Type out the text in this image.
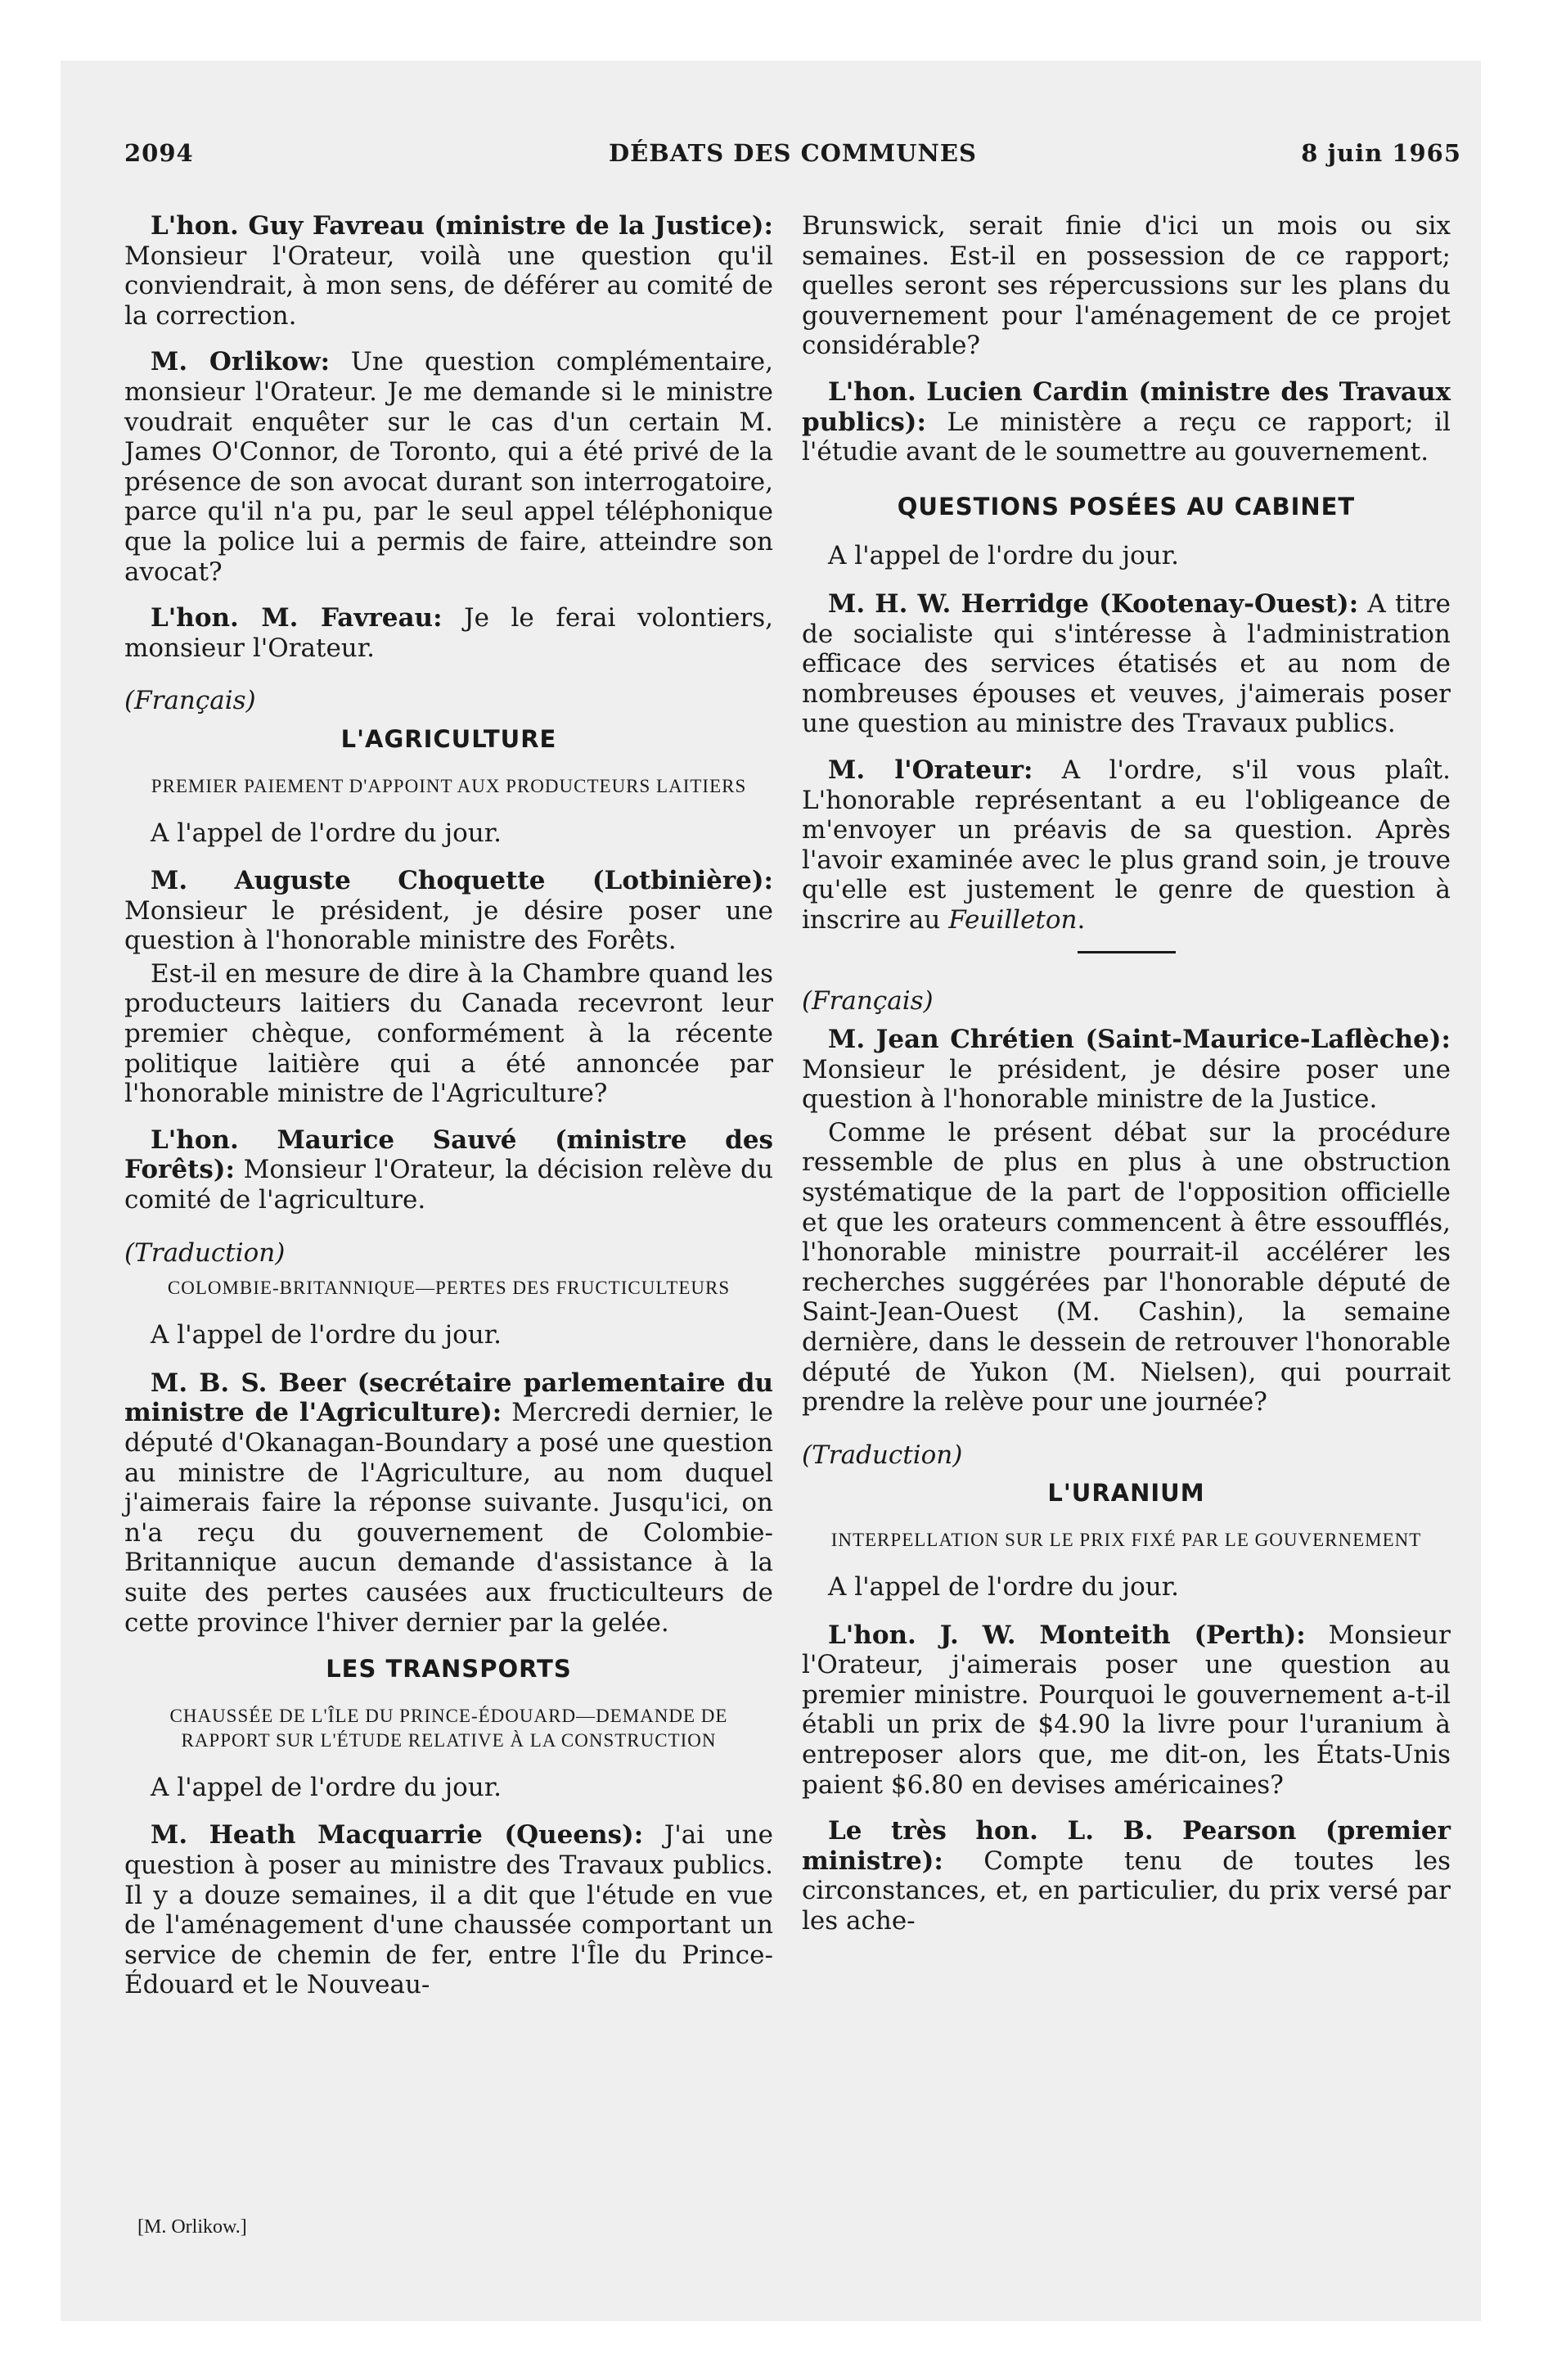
2094	DÉBATS DES COMMUNES	8 juin 1965

L'hon. Guy Favreau (ministre de la Justice): Monsieur l'Orateur, voilà une question qu'il conviendrait, à mon sens, de déférer au comité de la correction.

M. Orlikow: Une question complémentaire, monsieur l'Orateur. Je me demande si le ministre voudrait enquêter sur le cas d'un certain M. James O'Connor, de Toronto, qui a été privé de la présence de son avocat durant son interrogatoire, parce qu'il n'a pu, par le seul appel téléphonique que la police lui a permis de faire, atteindre son avocat?

L'hon. M. Favreau: Je le ferai volontiers, monsieur l'Orateur.

(Français)
L'AGRICULTURE
PREMIER PAIEMENT D'APPOINT AUX PRODUCTEURS LAITIERS
A l'appel de l'ordre du jour.

M. Auguste Choquette (Lotbinière): Monsieur le président, je désire poser une question à l'honorable ministre des Forêts.

Est-il en mesure de dire à la Chambre quand les producteurs laitiers du Canada recevront leur premier chèque, conformément à la récente politique laitière qui a été annoncée par l'honorable ministre de l'Agriculture?

L'hon. Maurice Sauvé (ministre des Forêts): Monsieur l'Orateur, la décision relève du comité de l'agriculture.

(Traduction)
COLOMBIE-BRITANNIQUE—PERTES DES FRUCTICULTEURS
A l'appel de l'ordre du jour.

M. B. S. Beer (secrétaire parlementaire du ministre de l'Agriculture): Mercredi dernier, le député d'Okanagan-Boundary a posé une question au ministre de l'Agriculture, au nom duquel j'aimerais faire la réponse suivante. Jusqu'ici, on n'a reçu du gouvernement de Colombie-Britannique aucun demande d'assistance à la suite des pertes causées aux fructiculteurs de cette province l'hiver dernier par la gelée.

LES TRANSPORTS
CHAUSSÉE DE L'ÎLE DU PRINCE-ÉDOUARD—DEMANDE DE RAPPORT SUR L'ÉTUDE RELATIVE À LA CONSTRUCTION
A l'appel de l'ordre du jour.

M. Heath Macquarrie (Queens): J'ai une question à poser au ministre des Travaux publics. Il y a douze semaines, il a dit que l'étude en vue de l'aménagement d'une chaussée comportant un service de chemin de fer, entre l'Île du Prince-Édouard et le Nouveau-

[M. Orlikow.]

Brunswick, serait finie d'ici un mois ou six semaines. Est-il en possession de ce rapport; quelles seront ses répercussions sur les plans du gouvernement pour l'aménagement de ce projet considérable?

L'hon. Lucien Cardin (ministre des Travaux publics): Le ministère a reçu ce rapport; il l'étudie avant de le soumettre au gouvernement.

QUESTIONS POSÉES AU CABINET
A l'appel de l'ordre du jour.

M. H. W. Herridge (Kootenay-Ouest): A titre de socialiste qui s'intéresse à l'administration efficace des services étatisés et au nom de nombreuses épouses et veuves, j'aimerais poser une question au ministre des Travaux publics.

M. l'Orateur: A l'ordre, s'il vous plaît. L'honorable représentant a eu l'obligeance de m'envoyer un préavis de sa question. Après l'avoir examinée avec le plus grand soin, je trouve qu'elle est justement le genre de question à inscrire au Feuilleton.

(Français)

M. Jean Chrétien (Saint-Maurice-Laflèche): Monsieur le président, je désire poser une question à l'honorable ministre de la Justice.

Comme le présent débat sur la procédure ressemble de plus en plus à une obstruction systématique de la part de l'opposition officielle et que les orateurs commencent à être essoufflés, l'honorable ministre pourrait-il accélérer les recherches suggérées par l'honorable député de Saint-Jean-Ouest (M. Cashin), la semaine dernière, dans le dessein de retrouver l'honorable député de Yukon (M. Nielsen), qui pourrait prendre la relève pour une journée?

(Traduction)
L'URANIUM
INTERPELLATION SUR LE PRIX FIXÉ PAR LE GOUVERNEMENT
A l'appel de l'ordre du jour.

L'hon. J. W. Monteith (Perth): Monsieur l'Orateur, j'aimerais poser une question au premier ministre. Pourquoi le gouvernement a-t-il établi un prix de $4.90 la livre pour l'uranium à entreposer alors que, me dit-on, les États-Unis paient $6.80 en devises américaines?

Le très hon. L. B. Pearson (premier ministre): Compte tenu de toutes les circonstances, et, en particulier, du prix versé par les ache-
